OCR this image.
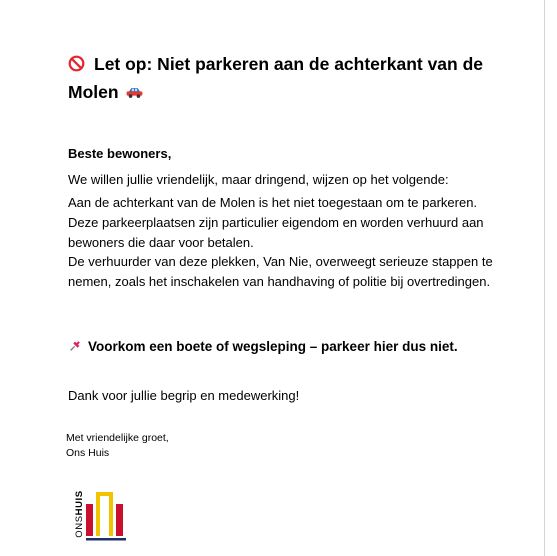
Let op: Niet parkeren aan de achterkant van de Molen

Beste bewoners,

We willen jullie vriendelijk, maar dringend, wijzen op het volgende:

Aan de achterkant van de Molen is het niet toegestaan om te parkeren. Deze parkeerplaatsen zijn particulier eigendom en worden verhuurd aan bewoners die daar voor betalen.

De verhuurder van deze plekken, Van Nie, overweegt serieuze stappen te nemen, zoals het inschakelen van handhaving of politie bij overtredingen.

Voorkom een boete of wegsleping – parkeer hier dus niet.

Dank voor jullie begrip en medewerking!

Met vriendelijke groet,
Ons Huis
ONSHUIS
